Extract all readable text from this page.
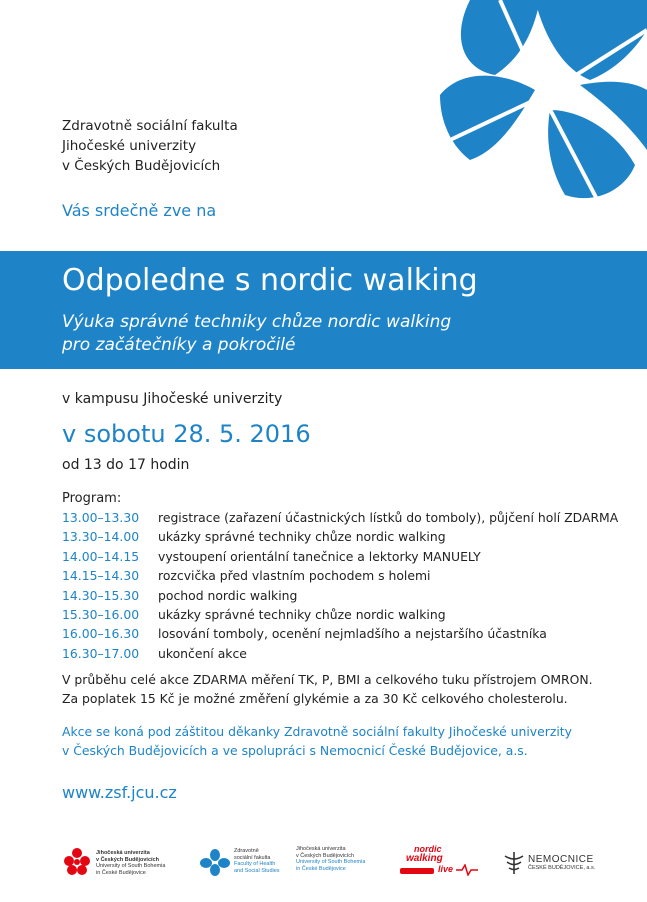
Zdravotně sociální fakulta
Jihočeské univerzity
v Českých Budějovicích
Vás srdečně zve na
Odpoledne s nordic walking
Výuka správné techniky chůze nordic walking
pro začátečníky a pokročilé
v kampusu Jihočeské univerzity
v sobotu 28. 5. 2016
od 13 do 17 hodin
Program:
13.00–13.30	registrace (zařazení účastnických lístků do tomboly), půjčení holí ZDARMA
13.30–14.00	ukázky správné techniky chůze nordic walking
14.00–14.15	vystoupení orientální tanečnice a lektorky MANUELY
14.15–14.30	rozcvička před vlastním pochodem s holemi
14.30–15.30	pochod nordic walking
15.30–16.00	ukázky správné techniky chůze nordic walking
16.00–16.30	losování tomboly, ocenění nejmladšího a nejstaršího účastníka
16.30–17.00	ukončení akce
V průběhu celé akce ZDARMA měření TK, P, BMI a celkového tuku přístrojem OMRON.
Za poplatek 15 Kč je možné změření glykémie a za 30 Kč celkového cholesterolu.
Akce se koná pod záštitou děkanky Zdravotně sociální fakulty Jihočeské univerzity
v Českých Budějovicích a ve spolupráci s Nemocnicí České Budějovice, a.s.
www.zsf.jcu.cz
Jihočeská univerzita
v Českých Budějovicích
University of South Bohemia
in České Budějovice
Zdravotně
sociální fakulta
Faculty of Health
and Social Studies
Jihočeská univerzita
v Českých Budějovicích
University of South Bohemia
in České Budějovice
nordic
walking
live
NEMOCNICE
ČESKÉ BUDĚJOVICE, a.s.
